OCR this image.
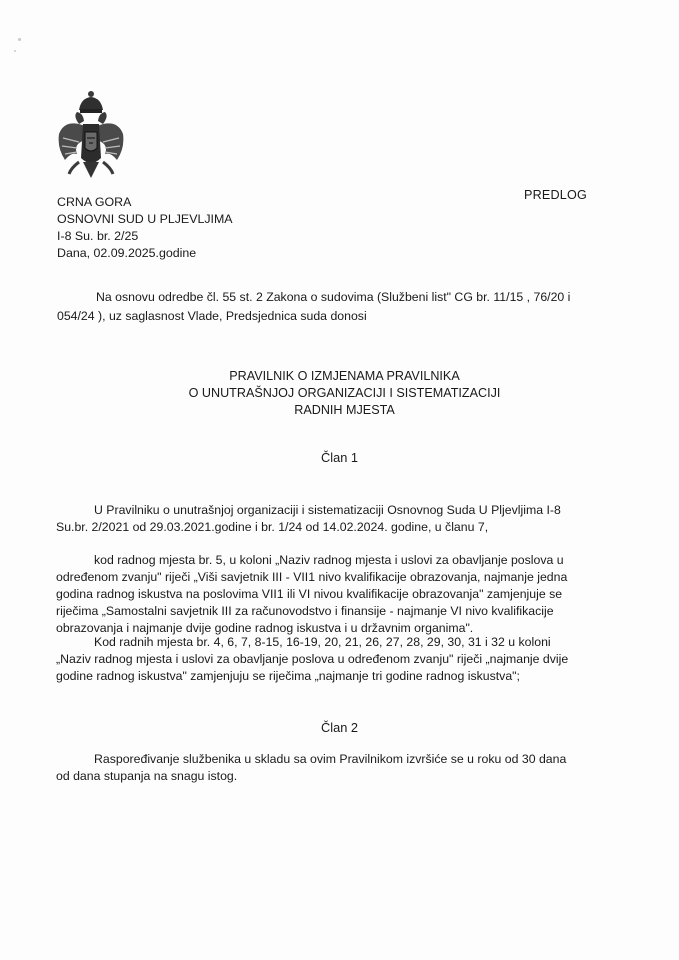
CRNA GORA
OSNOVNI SUD U PLJEVLJIMA
I-8 Su. br. 2/25
Dana, 02.09.2025.godine
PREDLOG
Na osnovu odredbe čl. 55 st. 2 Zakona o sudovima (Službeni list" CG br. 11/15 , 76/20 i
054/24 ), uz saglasnost Vlade, Predsjednica suda donosi
PRAVILNIK O IZMJENAMA PRAVILNIKA
O UNUTRAŠNJOJ ORGANIZACIJI I SISTEMATIZACIJI
RADNIH MJESTA
Član 1
U Pravilniku o unutrašnjoj organizaciji i sistematizaciji Osnovnog Suda U Pljevljima I-8
Su.br. 2/2021 od 29.03.2021.godine i br. 1/24 od 14.02.2024. godine, u članu 7,
kod radnog mjesta br. 5, u koloni „Naziv radnog mjesta i uslovi za obavljanje poslova u
određenom zvanju" riječi „Viši savjetnik III - VII1 nivo kvalifikacije obrazovanja, najmanje jedna
godina radnog iskustva na poslovima VII1 ili VI nivou kvalifikacije obrazovanja" zamjenjuje se
riječima „Samostalni savjetnik III za računovodstvo i finansije - najmanje VI nivo kvalifikacije
obrazovanja i najmanje dvije godine radnog iskustva i u državnim organima".
Kod radnih mjesta br. 4, 6, 7, 8-15, 16-19, 20, 21, 26, 27, 28, 29, 30, 31 i 32 u koloni
„Naziv radnog mjesta i uslovi za obavljanje poslova u određenom zvanju" riječi „najmanje dvije
godine radnog iskustva" zamjenjuju se riječima „najmanje tri godine radnog iskustva";
Član 2
Raspoređivanje službenika u skladu sa ovim Pravilnikom izvršiće se u roku od 30 dana
od dana stupanja na snagu istog.
